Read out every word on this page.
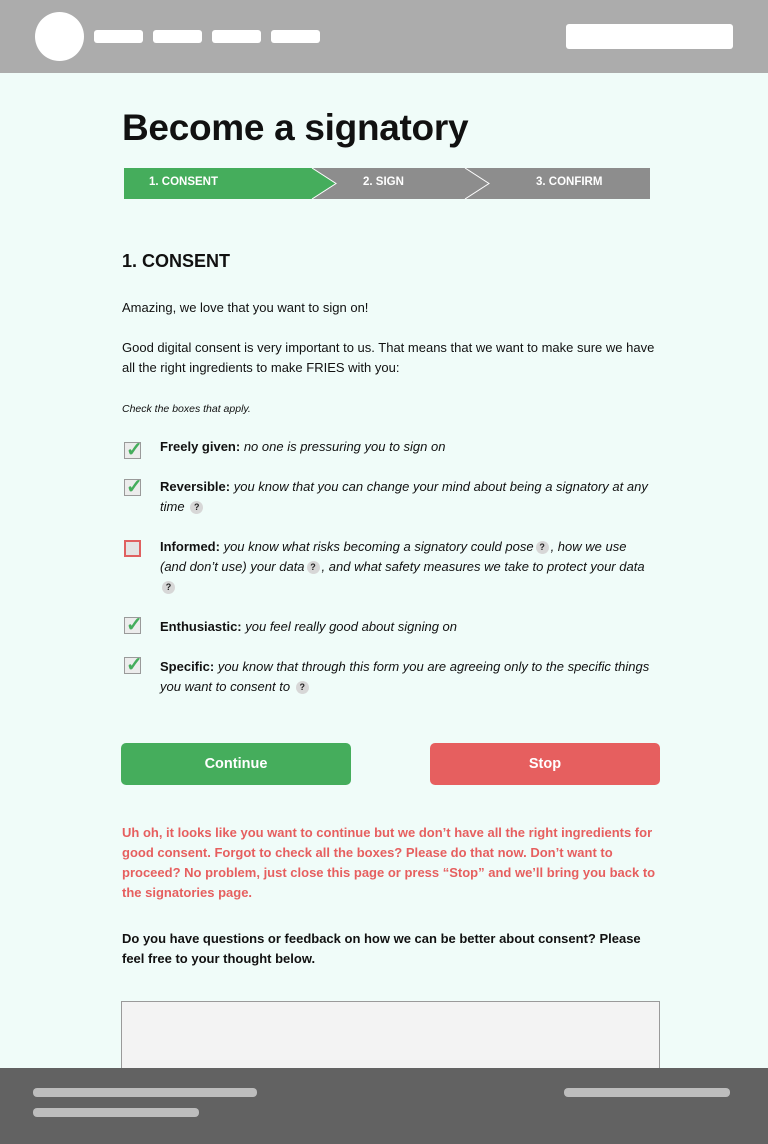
Become a signatory
1. CONSENT	2. SIGN	3. CONFIRM
1. CONSENT
Amazing, we love that you want to sign on!
Good digital consent is very important to us. That means that we want to make sure we have all the right ingredients to make FRIES with you:
Check the boxes that apply.
✓ Freely given: no one is pressuring you to sign on
✓ Reversible: you know that you can change your mind about being a signatory at any time ?
Informed: you know what risks becoming a signatory could pose ? , how we use (and don’t use) your data ? , and what safety measures we take to protect your data?
✓ Enthusiastic: you feel really good about signing on
✓ Specific: you know that through this form you are agreeing only to the specific things you want to consent to ?
Continue	Stop
Uh oh, it looks like you want to continue but we don’t have all the right ingredients for good consent. Forgot to check all the boxes? Please do that now. Don’t want to proceed? No problem, just close this page or press “Stop” and we’ll bring you back to the signatories page.
Do you have questions or feedback on how we can be better about consent? Please feel free to your thought below.
